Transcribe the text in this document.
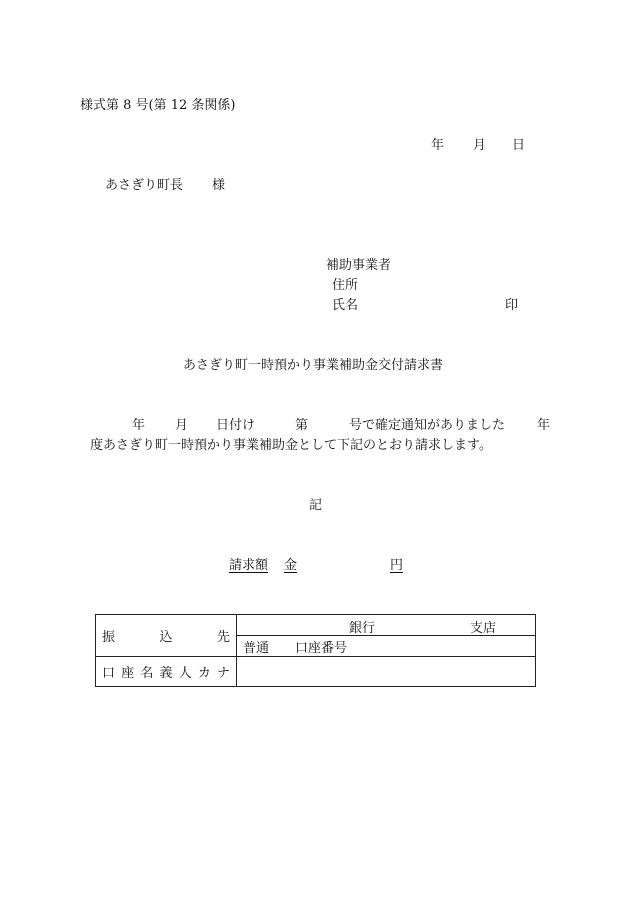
様式第 8 号(第 12 条関係)
年 月 日
あさぎり町長 様
補助事業者
住所
氏名	印
あさぎり町一時預かり事業補助金交付請求書
年 月 日付け	第	号で確定通知がありました 年
度あさぎり町一時預かり事業補助金として下記のとおり請求します。
記
請求額 金	円
振　込　先	銀行 支店

	普通 口座番号
口座名義人カナ	
